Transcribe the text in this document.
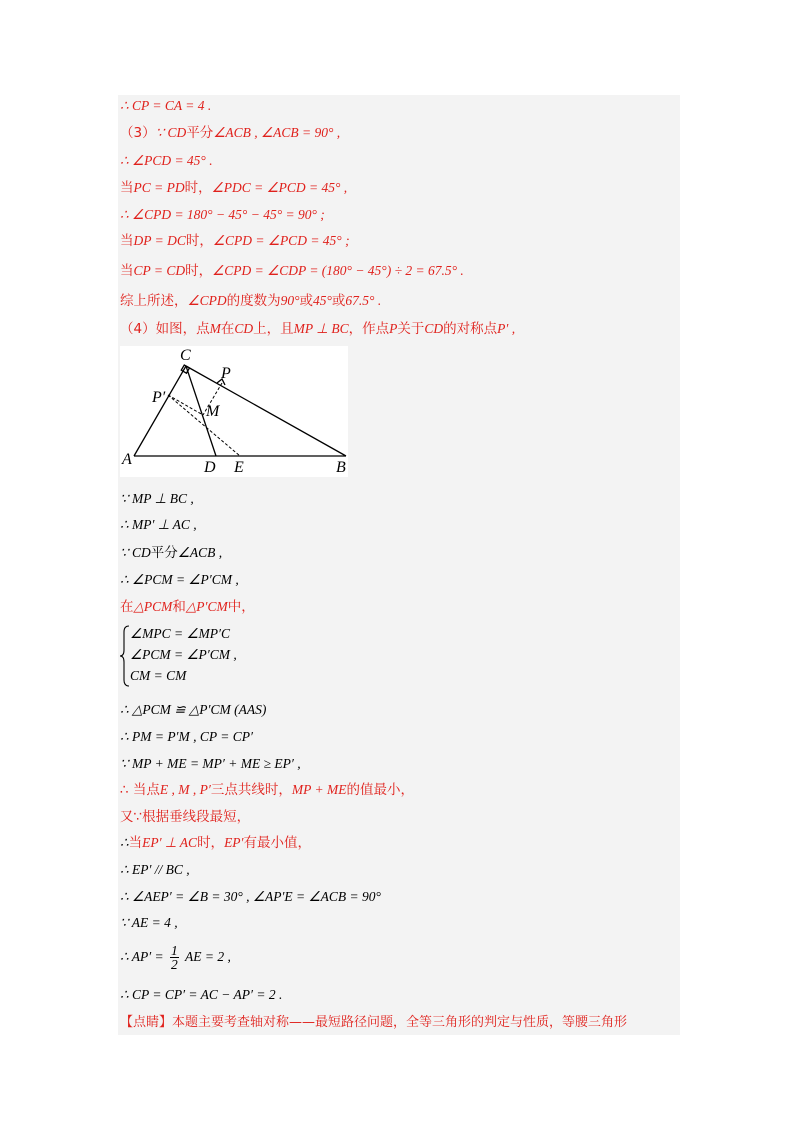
∴ CP = CA = 4 .
（3）∵ CD平分∠ACB , ∠ACB = 90° ,
∴ ∠PCD = 45° .
当PC = PD时，∠PDC = ∠PCD = 45° ,
∴ ∠CPD = 180° − 45° − 45° = 90° ;
当DP = DC时，∠CPD = ∠PCD = 45° ;
当CP = CD时，∠CPD = ∠CDP = (180° − 45°) ÷ 2 = 67.5° .
综上所述，∠CPD的度数为90°或45°或67.5° .
（4）如图，点M在CD上，且MP ⊥ BC，作点P关于CD的对称点P′ ,
C
P
P′
M
A	D E	B
∵ MP ⊥ BC ,
∴ MP′ ⊥ AC ,
∵ CD平分∠ACB ,
∴ ∠PCM = ∠P′CM ,
在△PCM和△P′CM中，
∠MPC = ∠MP′C
∠PCM = ∠P′CM ,
CM = CM
∴ △PCM ≌ △P′CM (AAS)
∴ PM = P′M , CP = CP′
∵ MP + ME = MP′ + ME ≥ EP′ ,
∴ 当点E , M , P′三点共线时，MP + ME的值最小，
又∵根据垂线段最短，
∴当EP′ ⊥ AC时，EP′有最小值，
∴ EP′ // BC ,
∴ ∠AEP′ = ∠B = 30° , ∠AP′E = ∠ACB = 90°
∵ AE = 4 ,
∴ $AP' = \frac{1}{2}$ AE = 2 ,
∴ CP = CP′ = AC − AP′ = 2 .
【点睛】本题主要考查轴对称——最短路径问题，全等三角形的判定与性质，等腰三角形
